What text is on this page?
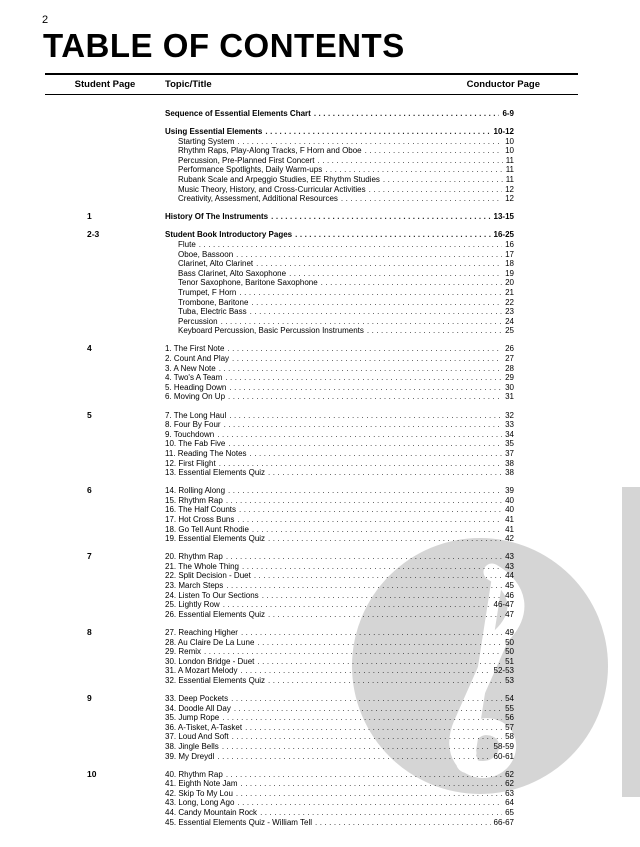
2
TABLE OF CONTENTS
Student Page	Topic/Title	Conductor Page
Sequence of Essential Elements Chart .....	6-9
Using Essential Elements .....	10-12
Starting System .....	10
Rhythm Raps, Play-Along Tracks, F Horn and Oboe .....	10
Percussion, Pre-Planned First Concert .....	11
Performance Spotlights, Daily Warm-ups .....	11
Rubank Scale and Arpeggio Studies, EE Rhythm Studies .....	11
Music Theory, History, and Cross-Curricular Activities .....	12
Creativity, Assessment, Additional Resources .....	12
1	History Of The Instruments .....	13-15
2-3	Student Book Introductory Pages .....	16-25
Flute .....	16
Oboe, Bassoon .....	17
Clarinet, Alto Clarinet .....	18
Bass Clarinet, Alto Saxophone .....	19
Tenor Saxophone, Baritone Saxophone .....	20
Trumpet, F Horn .....	21
Trombone, Baritone .....	22
Tuba, Electric Bass .....	23
Percussion .....	24
Keyboard Percussion, Basic Percussion Instruments .....	25
4	1. The First Note .....	26
2. Count And Play .....	27
3. A New Note .....	28
4. Two's A Team .....	29
5. Heading Down .....	30
6. Moving On Up .....	31
5	7. The Long Haul .....	32
8. Four By Four .....	33
9. Touchdown .....	34
10. The Fab Five .....	35
11. Reading The Notes .....	37
12. First Flight .....	38
13. Essential Elements Quiz .....	38
6	14. Rolling Along .....	39
15. Rhythm Rap .....	40
16. The Half Counts .....	40
17. Hot Cross Buns .....	41
18. Go Tell Aunt Rhodie .....	41
19. Essential Elements Quiz .....	42
7	20. Rhythm Rap .....	43
21. The Whole Thing .....	43
22. Split Decision - Duet .....	44
23. March Steps .....	45
24. Listen To Our Sections .....	46
25. Lightly Row .....	46-47
26. Essential Elements Quiz .....	47
8	27. Reaching Higher .....	49
28. Au Claire De La Lune .....	50
29. Remix .....	50
30. London Bridge - Duet .....	51
31. A Mozart Melody .....	52-53
32. Essential Elements Quiz .....	53
9	33. Deep Pockets .....	54
34. Doodle All Day .....	55
35. Jump Rope .....	56
36. A-Tisket, A-Tasket .....	57
37. Loud And Soft .....	58
38. Jingle Bells .....	58-59
39. My Dreydl .....	60-61
10	40. Rhythm Rap .....	62
41. Eighth Note Jam .....	62
42. Skip To My Lou .....	63
43. Long, Long Ago .....	64
44. Candy Mountain Rock .....	65
45. Essential Elements Quiz - William Tell .....	66-67
